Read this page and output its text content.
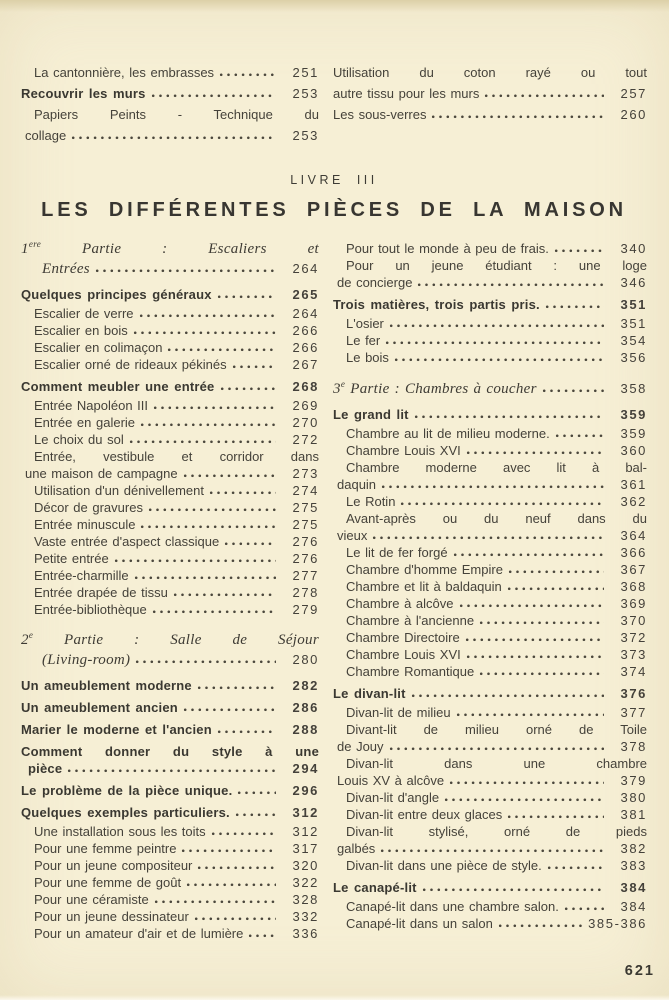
La cantonnière, les embrasses	251
Recouvrir les murs	253
Papiers Peints - Technique du
collage	253
Utilisation du coton rayé ou tout
autre tissu pour les murs	257
Les sous-verres	260
LIVRE III
LES DIFFÉRENTES PIÈCES DE LA MAISON
1ere Partie : Escaliers et
Entrées	264
Quelques principes généraux	265
Escalier de verre	264
Escalier en bois	266
Escalier en colimaçon	266
Escalier orné de rideaux pékinés	267
Comment meubler une entrée	268
Entrée Napoléon III	269
Entrée en galerie	270
Le choix du sol	272
Entrée, vestibule et corridor dans
une maison de campagne	273
Utilisation d'un dénivellement	274
Décor de gravures	275
Entrée minuscule	275
Vaste entrée d'aspect classique	276
Petite entrée	276
Entrée-charmille	277
Entrée drapée de tissu	278
Entrée-bibliothèque	279
2e Partie : Salle de Séjour
(Living-room)	280
Un ameublement moderne	282
Un ameublement ancien	286
Marier le moderne et l'ancien	288
Comment donner du style à une
pièce	294
Le problème de la pièce unique.	296
Quelques exemples particuliers.	312
Une installation sous les toits	312
Pour une femme peintre	317
Pour un jeune compositeur	320
Pour une femme de goût	322
Pour une céramiste	328
Pour un jeune dessinateur	332
Pour un amateur d'air et de lumière	336
Pour tout le monde à peu de frais.	340
Pour un jeune étudiant : une loge
de concierge	346
Trois matières, trois partis pris.	351
L'osier	351
Le fer	354
Le bois	356
3e Partie : Chambres à coucher	358
Le grand lit	359
Chambre au lit de milieu moderne.	359
Chambre Louis XVI	360
Chambre moderne avec lit à bal-
daquin	361
Le Rotin	362
Avant-après ou du neuf dans du
vieux	364
Le lit de fer forgé	366
Chambre d'homme Empire	367
Chambre et lit à baldaquin	368
Chambre à alcôve	369
Chambre à l'ancienne	370
Chambre Directoire	372
Chambre Louis XVI	373
Chambre Romantique	374
Le divan-lit	376
Divan-lit de milieu	377
Divant-lit de milieu orné de Toile
de Jouy	378
Divan-lit dans une chambre
Louis XV à alcôve	379
Divan-lit d'angle	380
Divan-lit entre deux glaces	381
Divan-lit stylisé, orné de pieds
galbés	382
Divan-lit dans une pièce de style.	383
Le canapé-lit	384
Canapé-lit dans une chambre salon.	384
Canapé-lit dans un salon	385-386
621
